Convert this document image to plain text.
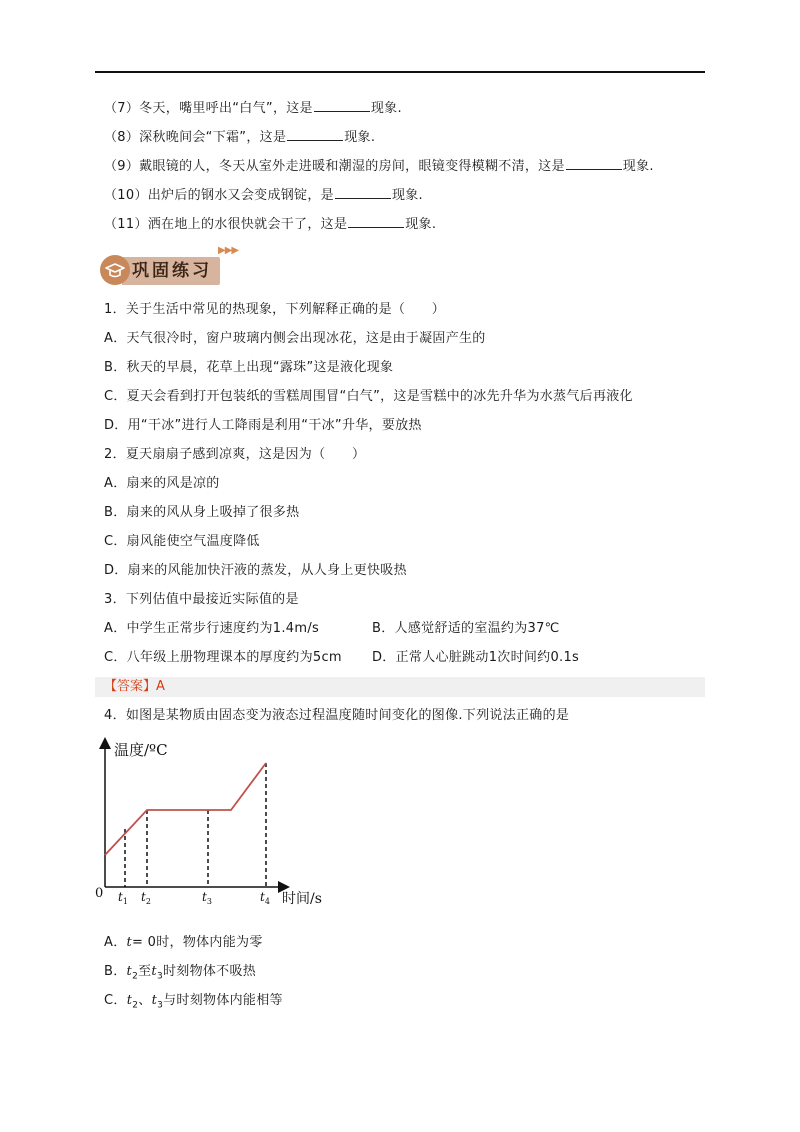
（7）冬天，嘴里呼出“白气”，这是	现象.
（8）深秋晚间会“下霜”，这是	现象.
（9）戴眼镜的人，冬天从室外走进暖和潮湿的房间，眼镜变得模糊不清，这是	现象.
（10）出炉后的钢水又会变成钢锭，是	现象.
（11）洒在地上的水很快就会干了，这是	现象.
巩固练习
▶▶▶
1．关于生活中常见的热现象，下列解释正确的是（　　）
A．天气很冷时，窗户玻璃内侧会出现冰花，这是由于凝固产生的
B．秋天的早晨，花草上出现“露珠”这是液化现象
C．夏天会看到打开包装纸的雪糕周围冒“白气”，这是雪糕中的冰先升华为水蒸气后再液化
D．用“干冰”进行人工降雨是利用“干冰”升华，要放热
2．夏天扇扇子感到凉爽，这是因为（　　）
A．扇来的风是凉的
B．扇来的风从身上吸掉了很多热
C．扇风能使空气温度降低
D．扇来的风能加快汗液的蒸发，从人身上更快吸热
3．下列估值中最接近实际值的是
A．中学生正常步行速度约为1.4m/s	B．人感觉舒适的室温约为37℃
C．八年级上册物理课本的厚度约为5cm D．正常人心脏跳动1次时间约0.1s
【答案】A
4．如图是某物质由固态变为液态过程温度随时间变化的图像.下列说法正确的是
温度/ºC
时间/s
0 $t_1$ $t_2$	$t_3$	$t_4$
A．t= 0时，物体内能为零
B．$t_2$至$t_3$时刻物体不吸热
C．$t_2$、$t_3$与时刻物体内能相等
